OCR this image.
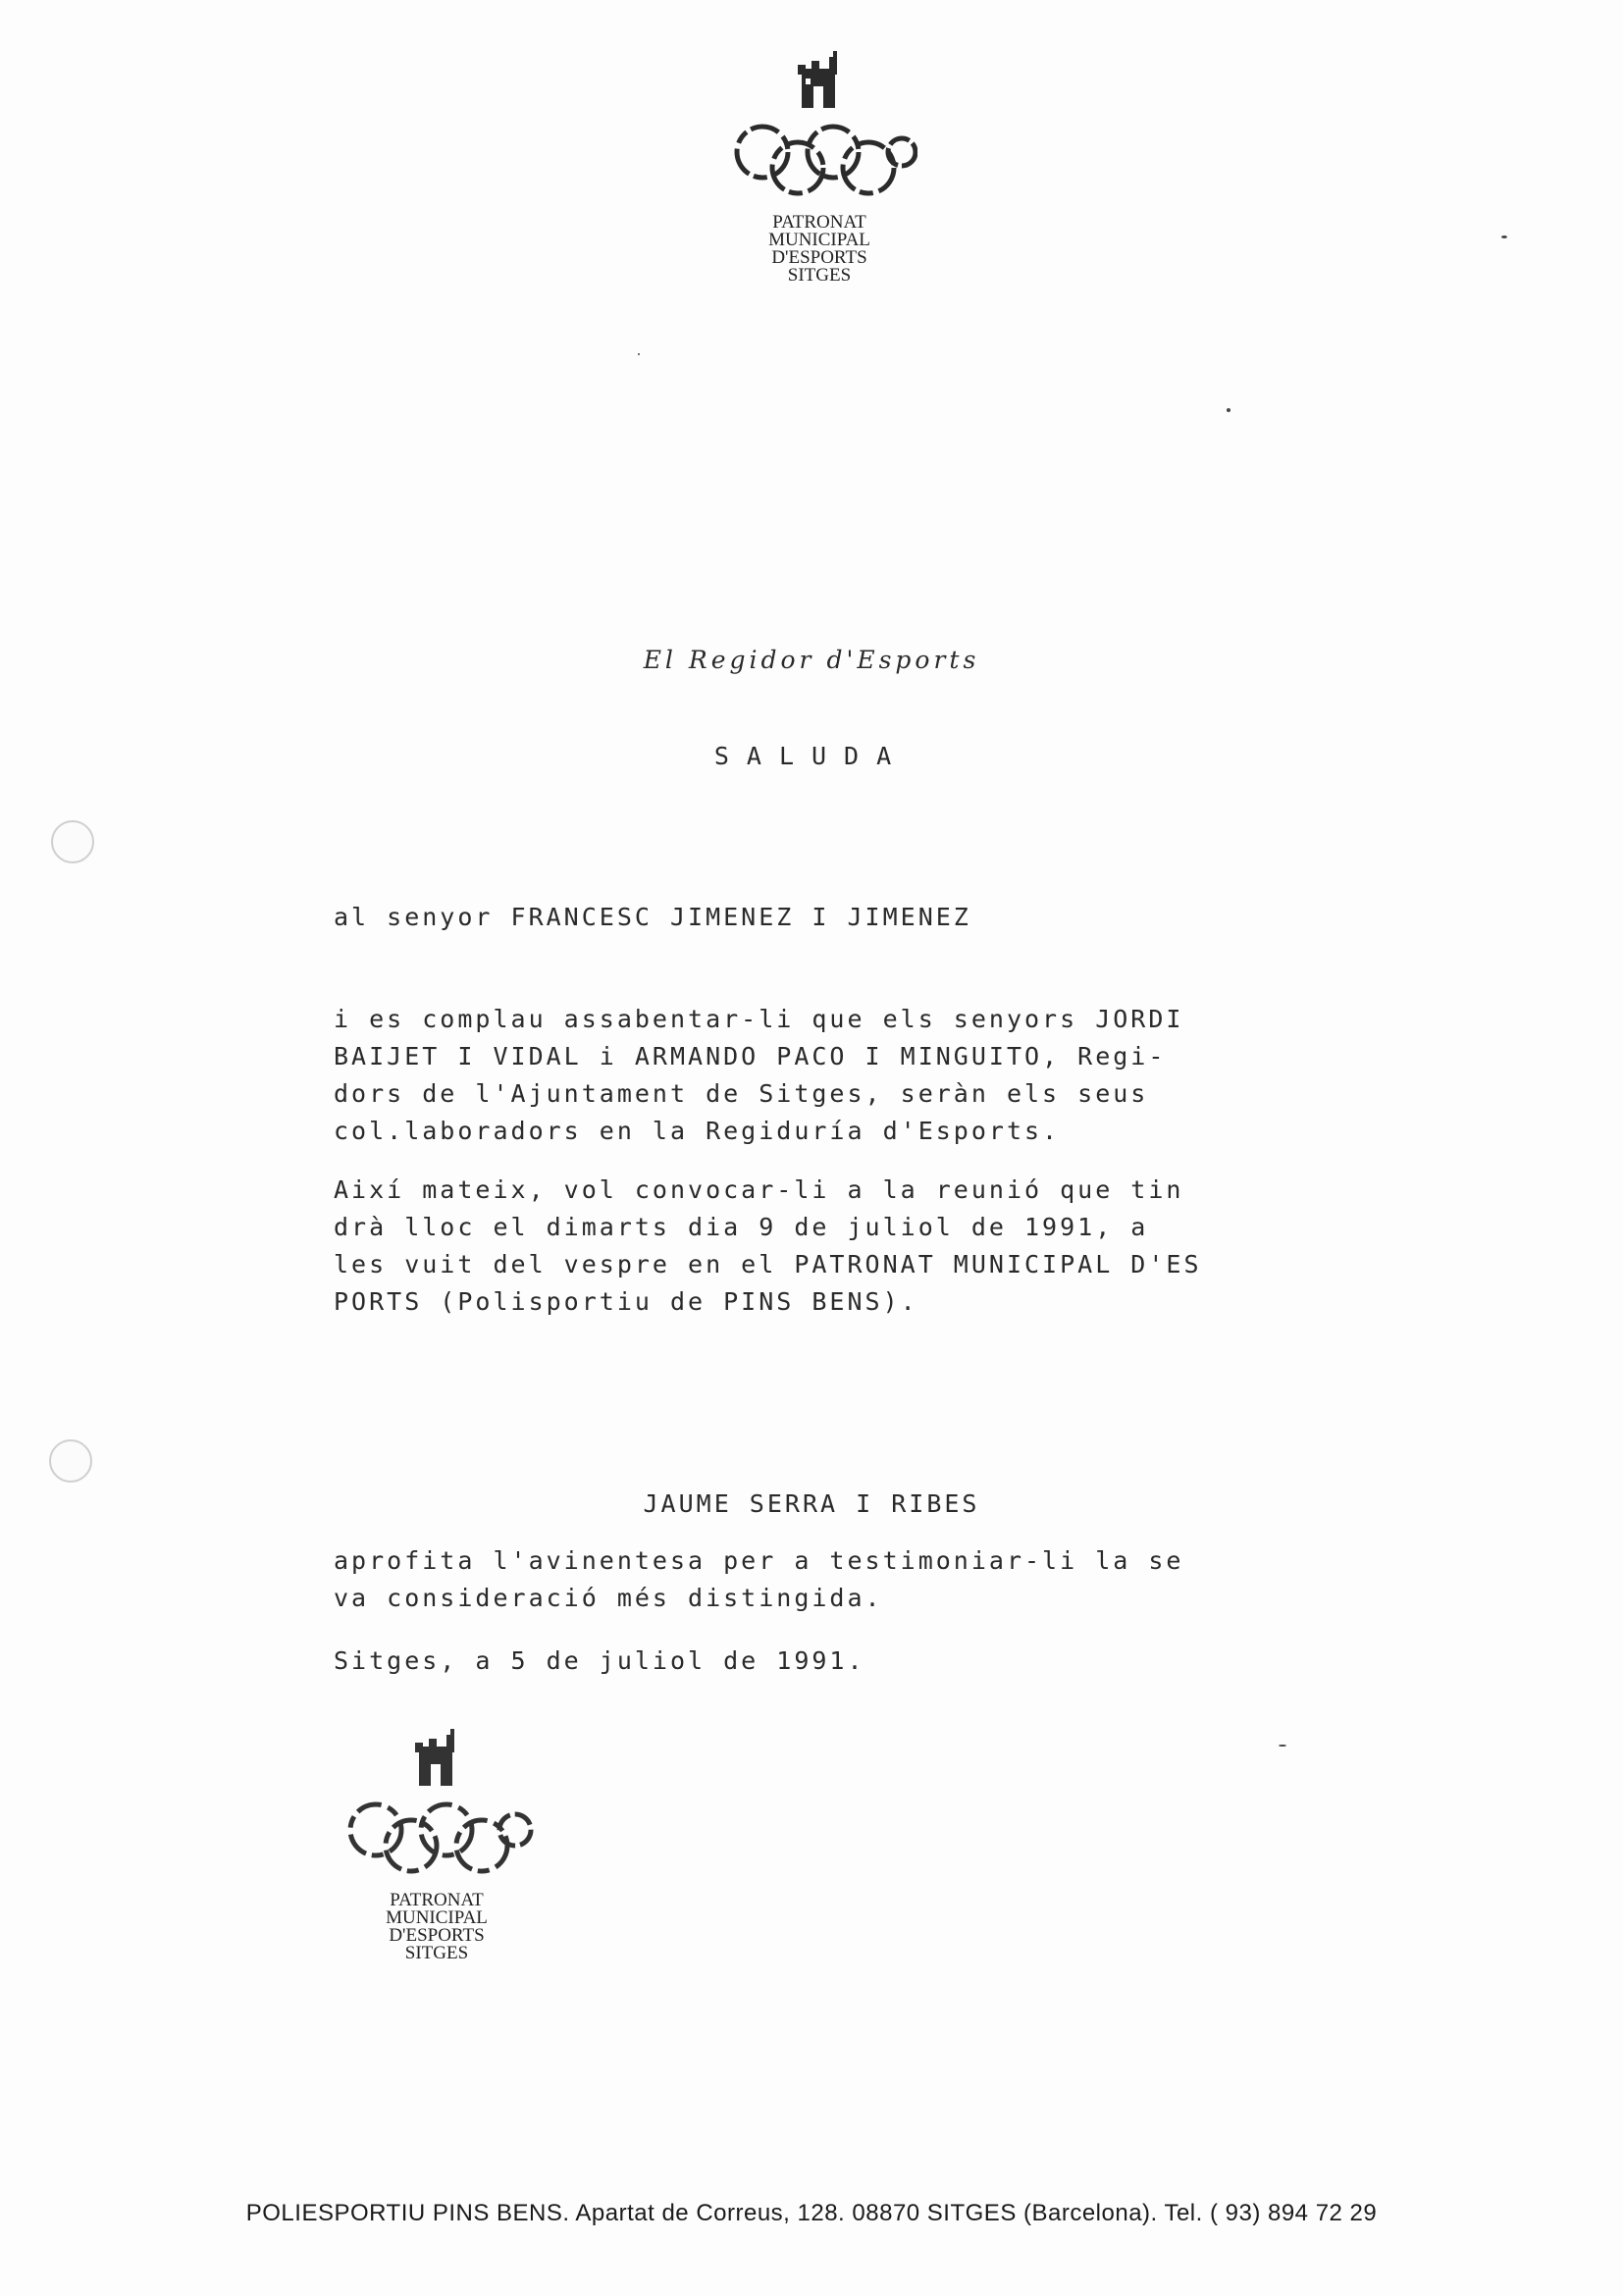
PATRONAT
MUNICIPAL
D'ESPORTS
SITGES
El Regidor d'Esports
SALUDA
al senyor FRANCESC JIMENEZ I JIMENEZ
i es complau assabentar-li que els senyors JORDI
BAIJET I VIDAL i ARMANDO PACO I MINGUITO, Regi-
dors de l'Ajuntament de Sitges, seràn els seus
col.laboradors en la Regiduría d'Esports.
Així mateix, vol convocar-li a la reunió que tin
drà lloc el dimarts dia 9 de juliol de 1991, a
les vuit del vespre en el PATRONAT MUNICIPAL D'ES
PORTS (Polisportiu de PINS BENS).
JAUME SERRA I RIBES
aprofita l'avinentesa per a testimoniar-li la se
va consideració més distingida.
Sitges, a 5 de juliol de 1991.
PATRONAT
MUNICIPAL
D'ESPORTS
SITGES
POLIESPORTIU PINS BENS. Apartat de Correus, 128. 08870 SITGES (Barcelona). Tel. ( 93) 894 72 29
